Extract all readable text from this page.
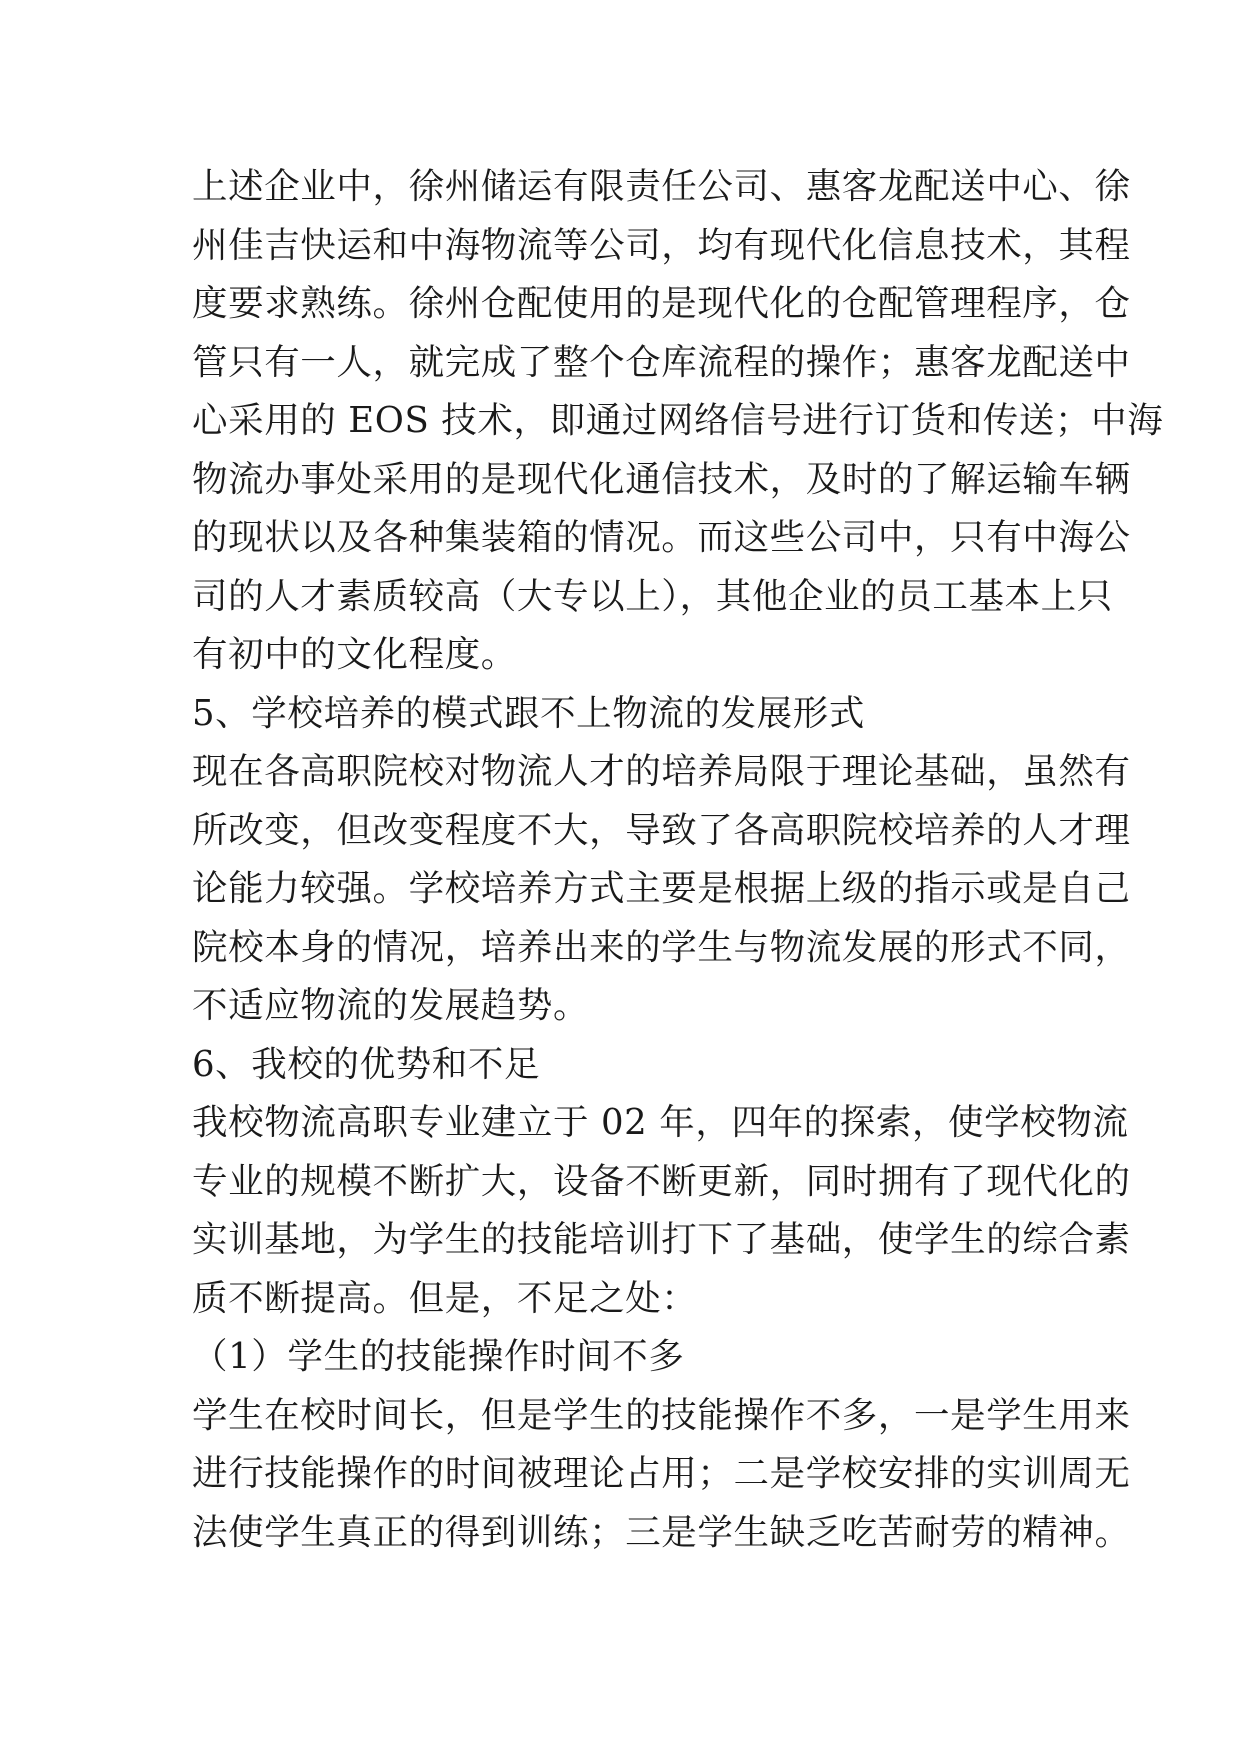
上述企业中，徐州储运有限责任公司、惠客龙配送中心、徐
州佳吉快运和中海物流等公司，均有现代化信息技术，其程
度要求熟练。徐州仓配使用的是现代化的仓配管理程序，仓
管只有一人，就完成了整个仓库流程的操作；惠客龙配送中
心采用的 EOS 技术，即通过网络信号进行订货和传送；中海
物流办事处采用的是现代化通信技术，及时的了解运输车辆
的现状以及各种集装箱的情况。而这些公司中，只有中海公
司的人才素质较高（大专以上），其他企业的员工基本上只
有初中的文化程度。
5、学校培养的模式跟不上物流的发展形式
现在各高职院校对物流人才的培养局限于理论基础，虽然有
所改变，但改变程度不大，导致了各高职院校培养的人才理
论能力较强。学校培养方式主要是根据上级的指示或是自己
院校本身的情况，培养出来的学生与物流发展的形式不同，
不适应物流的发展趋势。
6、我校的优势和不足
我校物流高职专业建立于 02 年，四年的探索，使学校物流
专业的规模不断扩大，设备不断更新，同时拥有了现代化的
实训基地，为学生的技能培训打下了基础，使学生的综合素
质不断提高。但是，不足之处：
（1）学生的技能操作时间不多
学生在校时间长，但是学生的技能操作不多，一是学生用来
进行技能操作的时间被理论占用；二是学校安排的实训周无
法使学生真正的得到训练；三是学生缺乏吃苦耐劳的精神。
